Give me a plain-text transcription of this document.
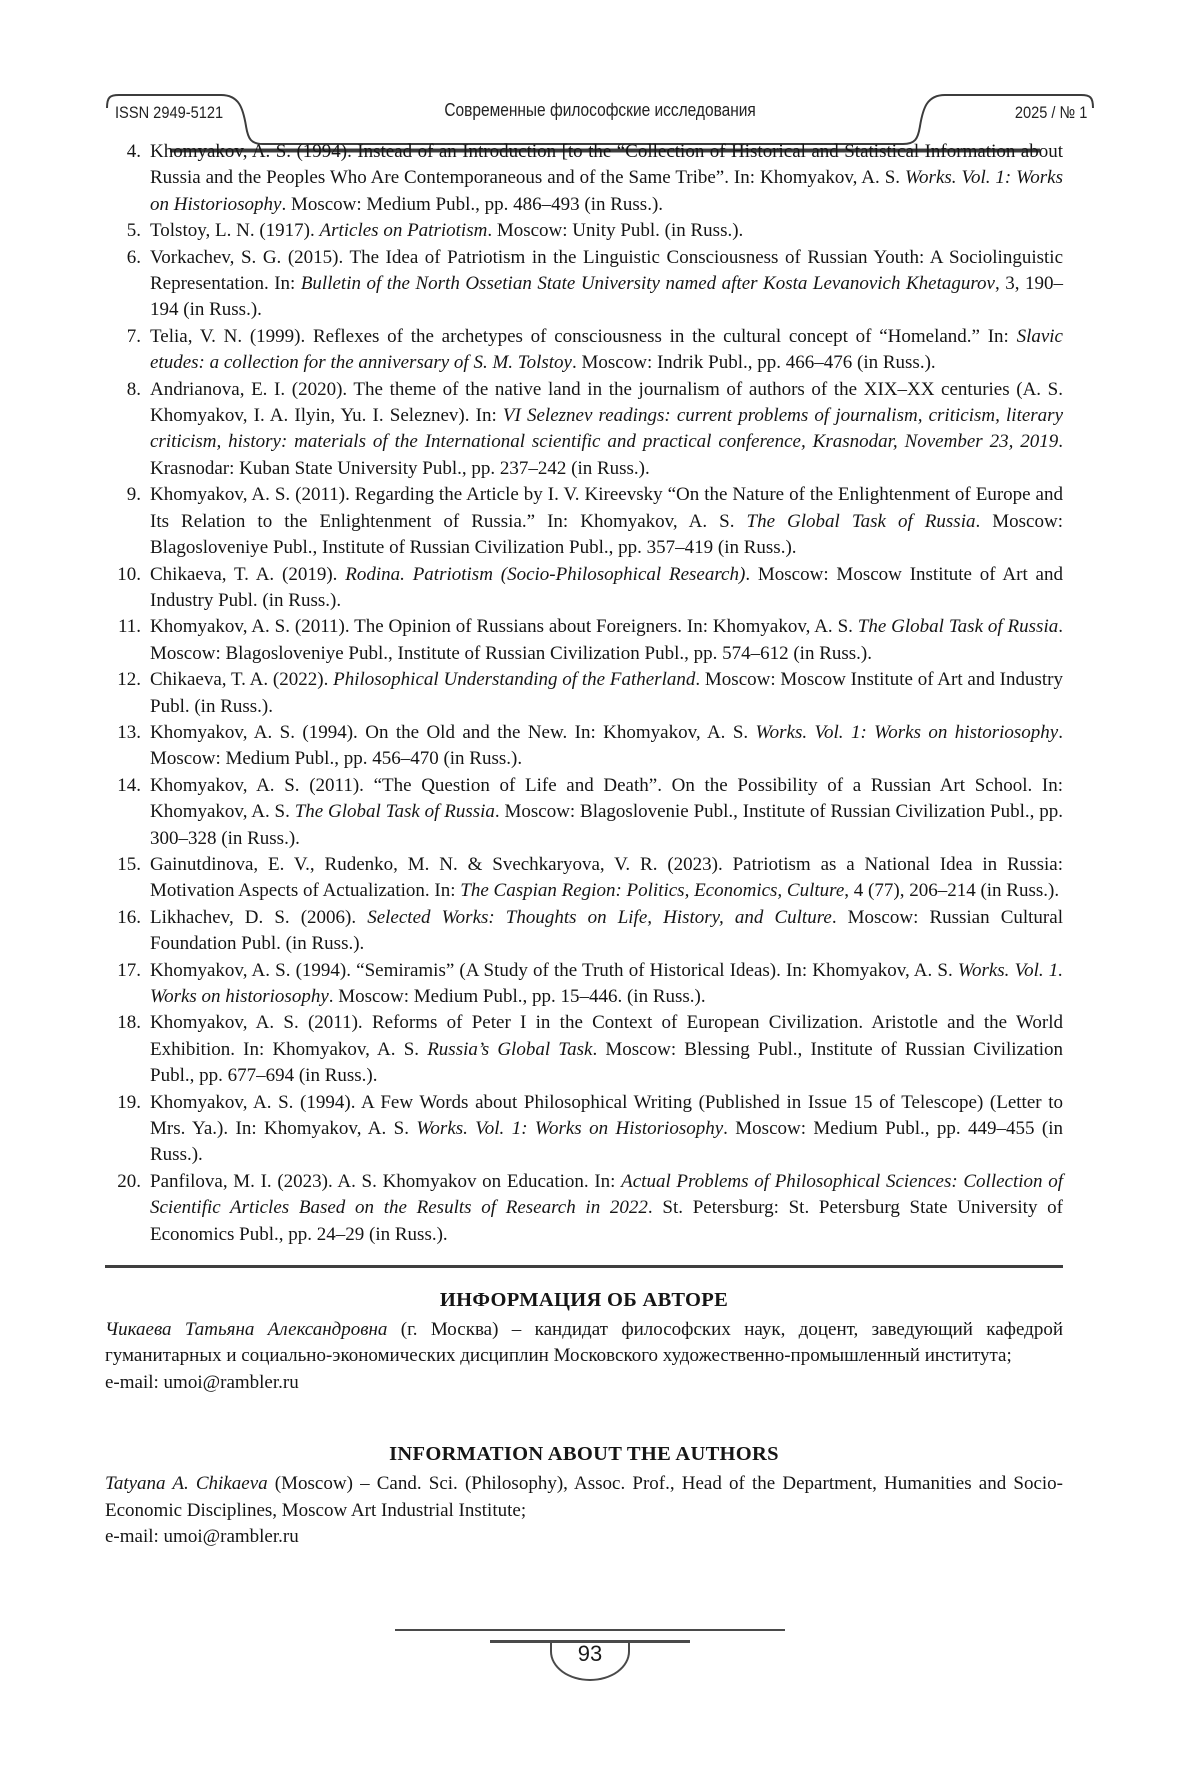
ISSN 2949-5121	Современные философские исследования	2025 / № 1
4. Khomyakov, A. S. (1994). Instead of an Introduction [to the “Collection of Historical and Statistical Information about Russia and the Peoples Who Are Contemporaneous and of the Same Tribe”. In: Khomyakov, A. S. Works. Vol. 1: Works on Historiosophy. Moscow: Medium Publ., pp. 486–493 (in Russ.).
5. Tolstoy, L. N. (1917). Articles on Patriotism. Moscow: Unity Publ. (in Russ.).
6. Vorkachev, S. G. (2015). The Idea of Patriotism in the Linguistic Consciousness of Russian Youth: A Sociolinguistic Representation. In: Bulletin of the North Ossetian State University named after Kosta Levanovich Khetagurov, 3, 190–194 (in Russ.).
7. Telia, V. N. (1999). Reflexes of the archetypes of consciousness in the cultural concept of “Homeland.” In: Slavic etudes: a collection for the anniversary of S. M. Tolstoy. Moscow: Indrik Publ., pp. 466–476 (in Russ.).
8. Andrianova, E. I. (2020). The theme of the native land in the journalism of authors of the XIX–XX centuries (A. S. Khomyakov, I. A. Ilyin, Yu. I. Seleznev). In: VI Seleznev readings: current problems of journalism, criticism, literary criticism, history: materials of the International scientific and practical conference, Krasnodar, November 23, 2019. Krasnodar: Kuban State University Publ., pp. 237–242 (in Russ.).
9. Khomyakov, A. S. (2011). Regarding the Article by I. V. Kireevsky “On the Nature of the Enlightenment of Europe and Its Relation to the Enlightenment of Russia.” In: Khomyakov, A. S. The Global Task of Russia. Moscow: Blagosloveniye Publ., Institute of Russian Civilization Publ., pp. 357–419 (in Russ.).
10. Chikaeva, T. A. (2019). Rodina. Patriotism (Socio-Philosophical Research). Moscow: Moscow Institute of Art and Industry Publ. (in Russ.).
11. Khomyakov, A. S. (2011). The Opinion of Russians about Foreigners. In: Khomyakov, A. S. The Global Task of Russia. Moscow: Blagosloveniye Publ., Institute of Russian Civilization Publ., pp. 574–612 (in Russ.).
12. Chikaeva, T. A. (2022). Philosophical Understanding of the Fatherland. Moscow: Moscow Institute of Art and Industry Publ. (in Russ.).
13. Khomyakov, A. S. (1994). On the Old and the New. In: Khomyakov, A. S. Works. Vol. 1: Works on historiosophy. Moscow: Medium Publ., pp. 456–470 (in Russ.).
14. Khomyakov, A. S. (2011). “The Question of Life and Death”. On the Possibility of a Russian Art School. In: Khomyakov, A. S. The Global Task of Russia. Moscow: Blagoslovenie Publ., Institute of Russian Civilization Publ., pp. 300–328 (in Russ.).
15. Gainutdinova, E. V., Rudenko, M. N. & Svechkaryova, V. R. (2023). Patriotism as a National Idea in Russia: Motivation Aspects of Actualization. In: The Caspian Region: Politics, Economics, Culture, 4 (77), 206–214 (in Russ.).
16. Likhachev, D. S. (2006). Selected Works: Thoughts on Life, History, and Culture. Moscow: Russian Cultural Foundation Publ. (in Russ.).
17. Khomyakov, A. S. (1994). “Semiramis” (A Study of the Truth of Historical Ideas). In: Khomyakov, A. S. Works. Vol. 1. Works on historiosophy. Moscow: Medium Publ., pp. 15–446. (in Russ.).
18. Khomyakov, A. S. (2011). Reforms of Peter I in the Context of European Civilization. Aristotle and the World Exhibition. In: Khomyakov, A. S. Russia’s Global Task. Moscow: Blessing Publ., Institute of Russian Civilization Publ., pp. 677–694 (in Russ.).
19. Khomyakov, A. S. (1994). A Few Words about Philosophical Writing (Published in Issue 15 of Telescope) (Letter to Mrs. Ya.). In: Khomyakov, A. S. Works. Vol. 1: Works on Historiosophy. Moscow: Medium Publ., pp. 449–455 (in Russ.).
20. Panfilova, M. I. (2023). A. S. Khomyakov on Education. In: Actual Problems of Philosophical Sciences: Collection of Scientific Articles Based on the Results of Research in 2022. St. Petersburg: St. Petersburg State University of Economics Publ., pp. 24–29 (in Russ.).
ИНФОРМАЦИЯ ОБ АВТОРЕ
Чикаева Татьяна Александровна (г. Москва) – кандидат философских наук, доцент, заведующий кафедрой гуманитарных и социально-экономических дисциплин Московского художественно-промышленный института;
e-mail: umoi@rambler.ru
INFORMATION ABOUT THE AUTHORS
Tatyana A. Chikaeva (Moscow) – Cand. Sci. (Philosophy), Assoc. Prof., Head of the Department, Humanities and Socio-Economic Disciplines, Moscow Art Industrial Institute;
e-mail: umoi@rambler.ru
93
